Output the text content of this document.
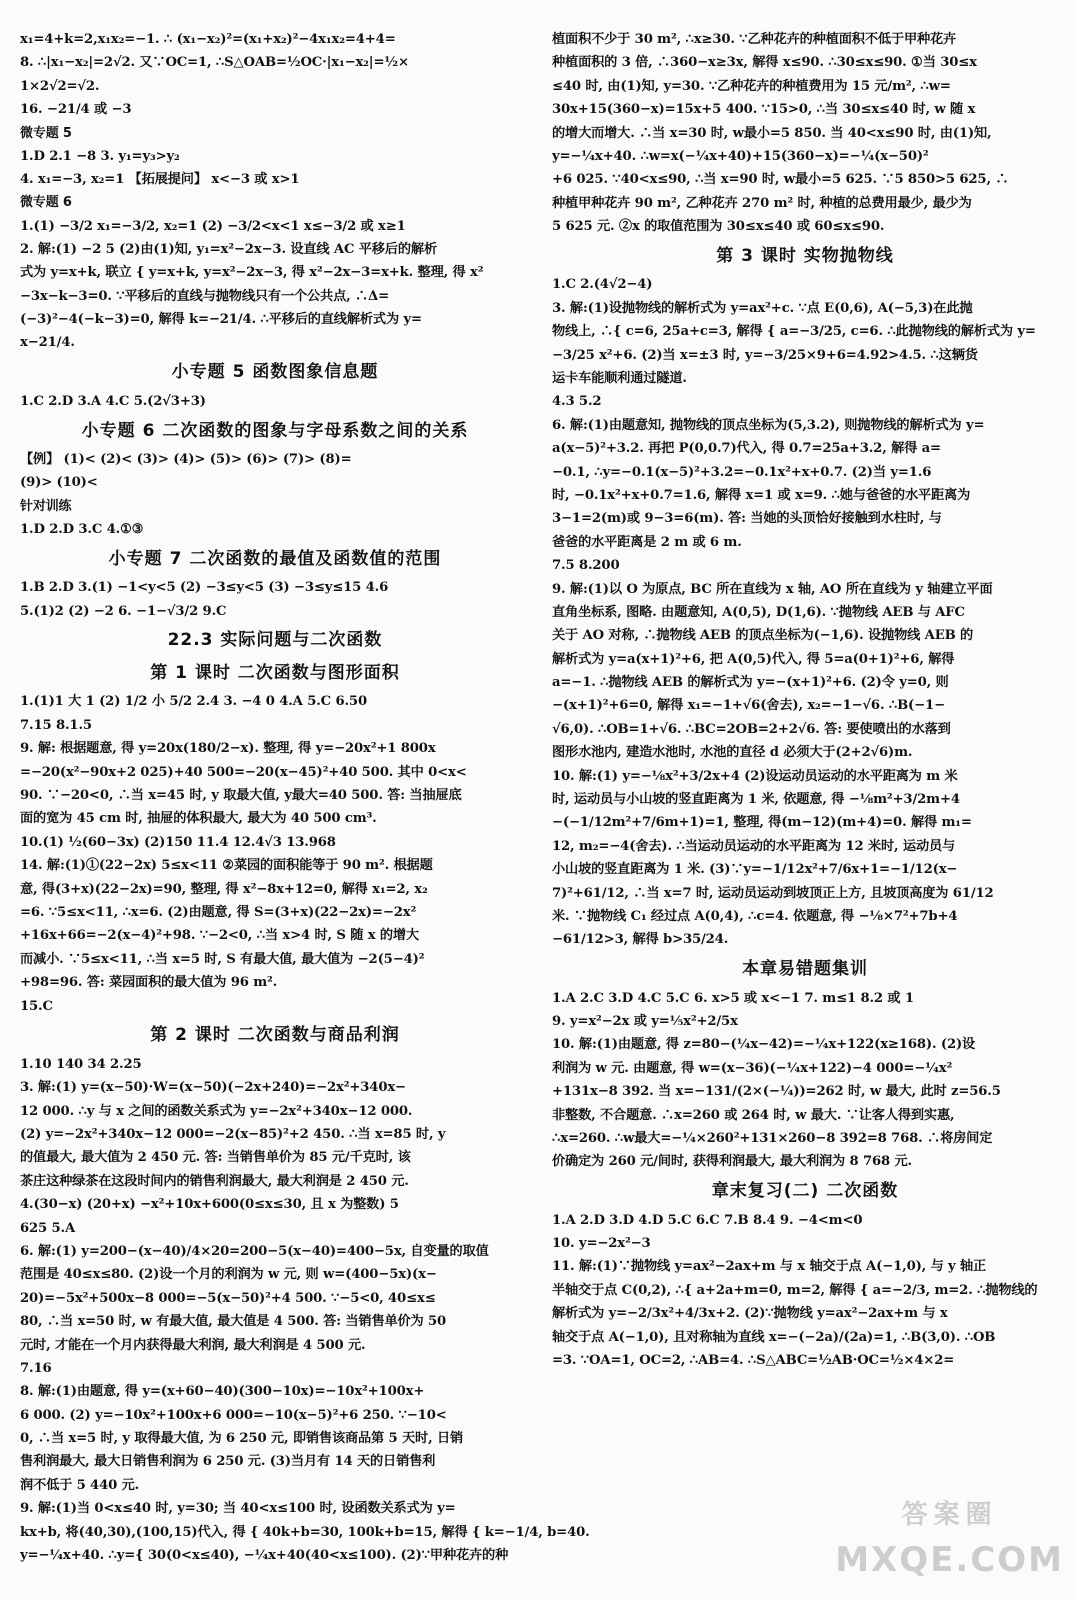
x₁=4+k=2,x₁x₂=−1. ∴ (x₁−x₂)²=(x₁+x₂)²−4x₁x₂=4+4=
8. ∴|x₁−x₂|=2√2. 又∵OC=1, ∴S△OAB=½OC·|x₁−x₂|=½×
1×2√2=√2.
16. −21/4 或 −3
微专题 5
1.D 2.1 −8 3. y₁=y₃>y₂
4. x₁=−3, x₂=1 【拓展提问】 x<−3 或 x>1
微专题 6
1.(1) −3/2 x₁=−3/2, x₂=1 (2) −3/2<x<1 x≤−3/2 或 x≥1
2. 解:(1) −2 5 (2)由(1)知, y₁=x²−2x−3. 设直线 AC 平移后的解析
式为 y=x+k, 联立 { y=x+k, y=x²−2x−3, 得 x²−2x−3=x+k. 整理, 得 x²
−3x−k−3=0. ∵平移后的直线与抛物线只有一个公共点, ∴Δ=
(−3)²−4(−k−3)=0, 解得 k=−21/4. ∴平移后的直线解析式为 y=
x−21/4.
小专题 5 函数图象信息题
1.C 2.D 3.A 4.C 5.(2√3+3)
小专题 6 二次函数的图象与字母系数之间的关系
【例】 (1)< (2)< (3)> (4)> (5)> (6)> (7)> (8)=
(9)> (10)<
针对训练
1.D 2.D 3.C 4.①③
小专题 7 二次函数的最值及函数值的范围
1.B 2.D 3.(1) −1<y<5 (2) −3≤y<5 (3) −3≤y≤15 4.6
5.(1)2 (2) −2 6. −1−√3/2 9.C
22.3 实际问题与二次函数
第 1 课时 二次函数与图形面积
1.(1)1 大 1 (2) 1/2 小 5/2 2.4 3. −4 0 4.A 5.C 6.50
7.15 8.1.5
9. 解: 根据题意, 得 y=20x(180/2−x). 整理, 得 y=−20x²+1 800x
=−20(x²−90x+2 025)+40 500=−20(x−45)²+40 500. 其中 0<x<
90. ∵−20<0, ∴当 x=45 时, y 取最大值, y最大=40 500. 答: 当抽屉底
面的宽为 45 cm 时, 抽屉的体积最大, 最大为 40 500 cm³.
10.(1) ½(60−3x) (2)150 11.4 12.4√3 13.968
14. 解:(1)①(22−2x) 5≤x<11 ②菜园的面积能等于 90 m². 根据题
意, 得(3+x)(22−2x)=90, 整理, 得 x²−8x+12=0, 解得 x₁=2, x₂
=6. ∵5≤x<11, ∴x=6. (2)由题意, 得 S=(3+x)(22−2x)=−2x²
+16x+66=−2(x−4)²+98. ∵−2<0, ∴当 x>4 时, S 随 x 的增大
而减小. ∵5≤x<11, ∴当 x=5 时, S 有最大值, 最大值为 −2(5−4)²
+98=96. 答: 菜园面积的最大值为 96 m².
15.C
第 2 课时 二次函数与商品利润
1.10 140 34 2.25
3. 解:(1) y=(x−50)·W=(x−50)(−2x+240)=−2x²+340x−
12 000. ∴y 与 x 之间的函数关系式为 y=−2x²+340x−12 000.
(2) y=−2x²+340x−12 000=−2(x−85)²+2 450. ∴当 x=85 时, y
的值最大, 最大值为 2 450 元. 答: 当销售单价为 85 元/千克时, 该
茶庄这种绿茶在这段时间内的销售利润最大, 最大利润是 2 450 元.
4.(30−x) (20+x) −x²+10x+600(0≤x≤30, 且 x 为整数) 5
625 5.A
6. 解:(1) y=200−(x−40)/4×20=200−5(x−40)=400−5x, 自变量的取值
范围是 40≤x≤80. (2)设一个月的利润为 w 元, 则 w=(400−5x)(x−
20)=−5x²+500x−8 000=−5(x−50)²+4 500. ∵−5<0, 40≤x≤
80, ∴当 x=50 时, w 有最大值, 最大值是 4 500. 答: 当销售单价为 50
元时, 才能在一个月内获得最大利润, 最大利润是 4 500 元.
7.16
8. 解:(1)由题意, 得 y=(x+60−40)(300−10x)=−10x²+100x+
6 000. (2) y=−10x²+100x+6 000=−10(x−5)²+6 250. ∵−10<
0, ∴当 x=5 时, y 取得最大值, 为 6 250 元, 即销售该商品第 5 天时, 日销
售利润最大, 最大日销售利润为 6 250 元. (3)当月有 14 天的日销售利
润不低于 5 440 元.
9. 解:(1)当 0<x≤40 时, y=30; 当 40<x≤100 时, 设函数关系式为 y=
kx+b, 将(40,30),(100,15)代入, 得 { 40k+b=30, 100k+b=15, 解得 { k=−1/4, b=40.
y=−¼x+40. ∴y={ 30(0<x≤40), −¼x+40(40<x≤100). (2)∵甲种花卉的种
植面积不少于 30 m², ∴x≥30. ∵乙种花卉的种植面积不低于甲种花卉
种植面积的 3 倍, ∴360−x≥3x, 解得 x≤90. ∴30≤x≤90. ①当 30≤x
≤40 时, 由(1)知, y=30. ∵乙种花卉的种植费用为 15 元/m², ∴w=
30x+15(360−x)=15x+5 400. ∵15>0, ∴当 30≤x≤40 时, w 随 x
的增大而增大. ∴当 x=30 时, w最小=5 850. 当 40<x≤90 时, 由(1)知,
y=−¼x+40. ∴w=x(−¼x+40)+15(360−x)=−¼(x−50)²
+6 025. ∵40<x≤90, ∴当 x=90 时, w最小=5 625. ∵5 850>5 625, ∴
种植甲种花卉 90 m², 乙种花卉 270 m² 时, 种植的总费用最少, 最少为
5 625 元. ②x 的取值范围为 30≤x≤40 或 60≤x≤90.
第 3 课时 实物抛物线
1.C 2.(4√2−4)
3. 解:(1)设抛物线的解析式为 y=ax²+c. ∵点 E(0,6), A(−5,3)在此抛
物线上, ∴{ c=6, 25a+c=3, 解得 { a=−3/25, c=6. ∴此抛物线的解析式为 y=
−3/25 x²+6. (2)当 x=±3 时, y=−3/25×9+6=4.92>4.5. ∴这辆货
运卡车能顺利通过隧道.
4.3 5.2
6. 解:(1)由题意知, 抛物线的顶点坐标为(5,3.2), 则抛物线的解析式为 y=
a(x−5)²+3.2. 再把 P(0,0.7)代入, 得 0.7=25a+3.2, 解得 a=
−0.1, ∴y=−0.1(x−5)²+3.2=−0.1x²+x+0.7. (2)当 y=1.6
时, −0.1x²+x+0.7=1.6, 解得 x=1 或 x=9. ∴她与爸爸的水平距离为
3−1=2(m)或 9−3=6(m). 答: 当她的头顶恰好接触到水柱时, 与
爸爸的水平距离是 2 m 或 6 m.
7.5 8.200
9. 解:(1)以 O 为原点, BC 所在直线为 x 轴, AO 所在直线为 y 轴建立平面
直角坐标系, 图略. 由题意知, A(0,5), D(1,6). ∵抛物线 AEB 与 AFC
关于 AO 对称, ∴抛物线 AEB 的顶点坐标为(−1,6). 设抛物线 AEB 的
解析式为 y=a(x+1)²+6, 把 A(0,5)代入, 得 5=a(0+1)²+6, 解得
a=−1. ∴抛物线 AEB 的解析式为 y=−(x+1)²+6. (2)令 y=0, 则
−(x+1)²+6=0, 解得 x₁=−1+√6(舍去), x₂=−1−√6. ∴B(−1−
√6,0). ∴OB=1+√6. ∴BC=2OB=2+2√6. 答: 要使喷出的水落到
图形水池内, 建造水池时, 水池的直径 d 必须大于(2+2√6)m.
10. 解:(1) y=−⅛x²+3/2x+4 (2)设运动员运动的水平距离为 m 米
时, 运动员与小山坡的竖直距离为 1 米, 依题意, 得 −⅛m²+3/2m+4
−(−1/12m²+7/6m+1)=1, 整理, 得(m−12)(m+4)=0. 解得 m₁=
12, m₂=−4(舍去). ∴当运动员运动的水平距离为 12 米时, 运动员与
小山坡的竖直距离为 1 米. (3)∵y=−1/12x²+7/6x+1=−1/12(x−
7)²+61/12, ∴当 x=7 时, 运动员运动到坡顶正上方, 且坡顶高度为 61/12
米. ∵抛物线 C₁ 经过点 A(0,4), ∴c=4. 依题意, 得 −⅛×7²+7b+4
−61/12>3, 解得 b>35/24.
本章易错题集训
1.A 2.C 3.D 4.C 5.C 6. x>5 或 x<−1 7. m≤1 8.2 或 1
9. y=x²−2x 或 y=⅕x²+2/5x
10. 解:(1)由题意, 得 z=80−(¼x−42)=−¼x+122(x≥168). (2)设
利润为 w 元. 由题意, 得 w=(x−36)(−¼x+122)−4 000=−¼x²
+131x−8 392. 当 x=−131/(2×(−¼))=262 时, w 最大, 此时 z=56.5
非整数, 不合题意. ∴x=260 或 264 时, w 最大. ∵让客人得到实惠,
∴x=260. ∴w最大=−¼×260²+131×260−8 392=8 768. ∴将房间定
价确定为 260 元/间时, 获得利润最大, 最大利润为 8 768 元.
章末复习(二) 二次函数
1.A 2.D 3.D 4.D 5.C 6.C 7.B 8.4 9. −4<m<0
10. y=−2x²−3
11. 解:(1)∵抛物线 y=ax²−2ax+m 与 x 轴交于点 A(−1,0), 与 y 轴正
半轴交于点 C(0,2), ∴{ a+2a+m=0, m=2, 解得 { a=−2/3, m=2. ∴抛物线的
解析式为 y=−2/3x²+4/3x+2. (2)∵抛物线 y=ax²−2ax+m 与 x
轴交于点 A(−1,0), 且对称轴为直线 x=−(−2a)/(2a)=1, ∴B(3,0). ∴OB
=3. ∵OA=1, OC=2, ∴AB=4. ∴S△ABC=½AB·OC=½×4×2=
答案圈
MXQE.COM
